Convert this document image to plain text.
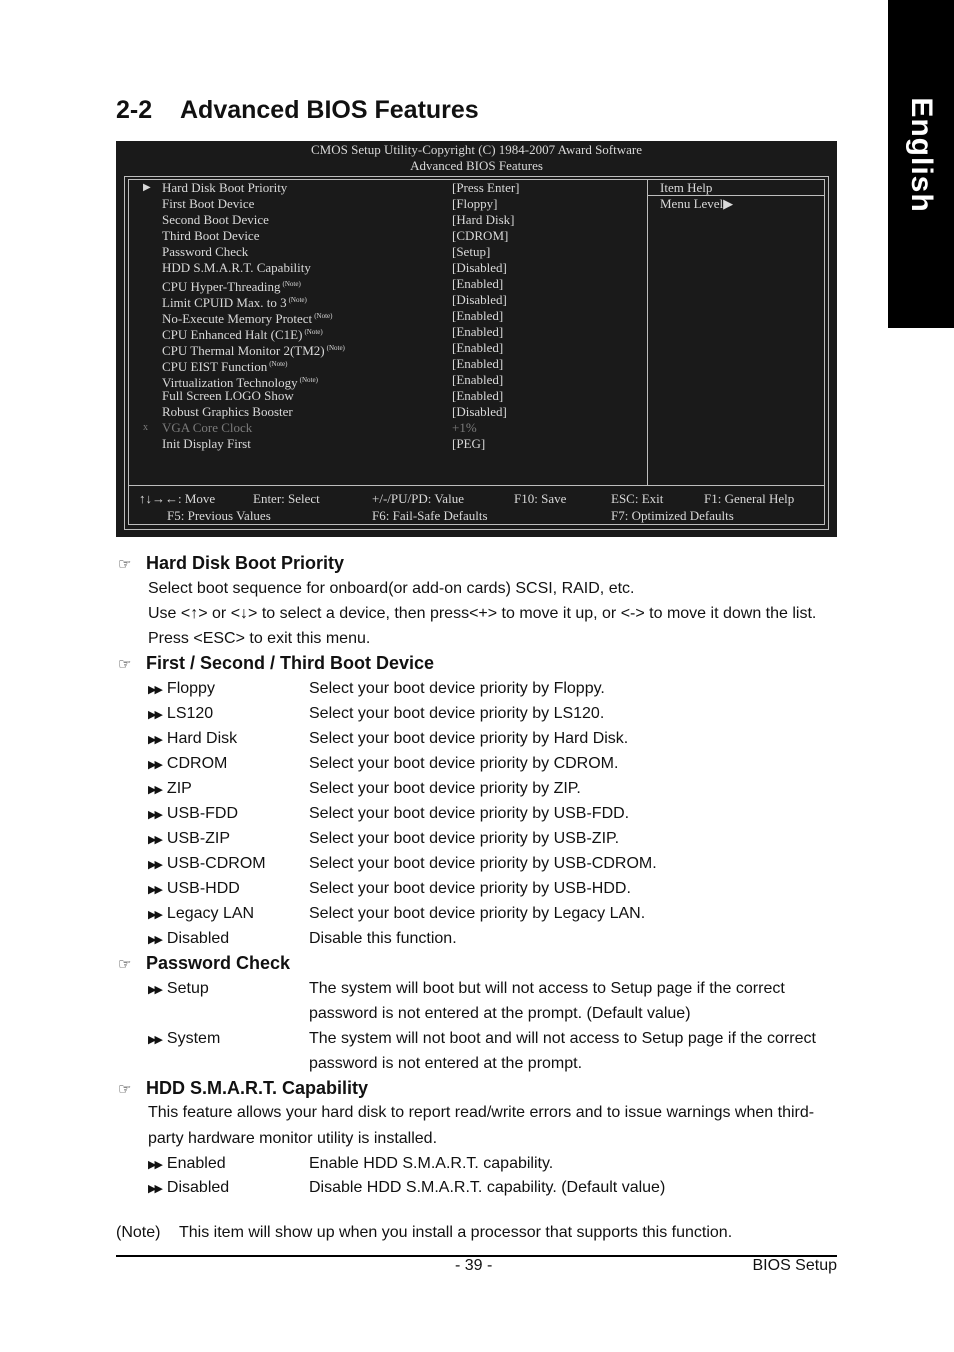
English
2-2 Advanced BIOS Features
CMOS Setup Utility-Copyright (C) 1984-2007 Award Software
Advanced BIOS Features
▶ Hard Disk Boot Priority	[Press Enter]
First Boot Device	[Floppy]
Second Boot Device	[Hard Disk]
Third Boot Device	[CDROM]
Password Check	[Setup]
HDD S.M.A.R.T. Capability	[Disabled]
CPU Hyper-Threading $^{(Note)}$	[Enabled]
Limit CPUID Max. to 3 $^{(Note)}$	[Disabled]
No-Execute Memory Protect $^{(Note)}$	[Enabled]
CPU Enhanced Halt (C1E) $^{(Note)}$	[Enabled]
CPU Thermal Monitor 2(TM2) $^{(Note)}$	[Enabled]
CPU EIST Function $^{(Note)}$	[Enabled]
Virtualization Technology $^{(Note)}$	[Enabled]
Full Screen LOGO Show	[Enabled]
Robust Graphics Booster	[Disabled]
x VGA Core Clock	+1%
Init Display First	[PEG]
Item Help
Menu Level▶
↑↓→←: Move	Enter: Select	+/-/PU/PD: Value	F10: Save	ESC: Exit	F1: General Help
F5: Previous Values	F6: Fail-Safe Defaults	F7: Optimized Defaults
☞ Hard Disk Boot Priority
Select boot sequence for onboard(or add-on cards) SCSI, RAID, etc.
Use <↑> or <↓> to select a device, then press<+> to move it up, or <-> to move it down the list.
Press <ESC> to exit this menu.
☞ First / Second / Third Boot Device
▶▶ Floppy	Select your boot device priority by Floppy.
▶▶ LS120	Select your boot device priority by LS120.
▶▶ Hard Disk	Select your boot device priority by Hard Disk.
▶▶ CDROM	Select your boot device priority by CDROM.
▶▶ ZIP	Select your boot device priority by ZIP.
▶▶ USB-FDD	Select your boot device priority by USB-FDD.
▶▶ USB-ZIP	Select your boot device priority by USB-ZIP.
▶▶ USB-CDROM	Select your boot device priority by USB-CDROM.
▶▶ USB-HDD	Select your boot device priority by USB-HDD.
▶▶ Legacy LAN	Select your boot device priority by Legacy LAN.
▶▶ Disabled	Disable this function.
☞ Password Check
▶▶ Setup	The system will boot but will not access to Setup page if the correct
password is not entered at the prompt. (Default value)
▶▶ System	The system will not boot and will not access to Setup page if the correct
password is not entered at the prompt.
☞ HDD S.M.A.R.T. Capability
This feature allows your hard disk to report read/write errors and to issue warnings when third-
party hardware monitor utility is installed.
▶▶ Enabled	Enable HDD S.M.A.R.T. capability.
▶▶ Disabled	Disable HDD S.M.A.R.T. capability. (Default value)
(Note) This item will show up when you install a processor that supports this function.
- 39 -	BIOS Setup
